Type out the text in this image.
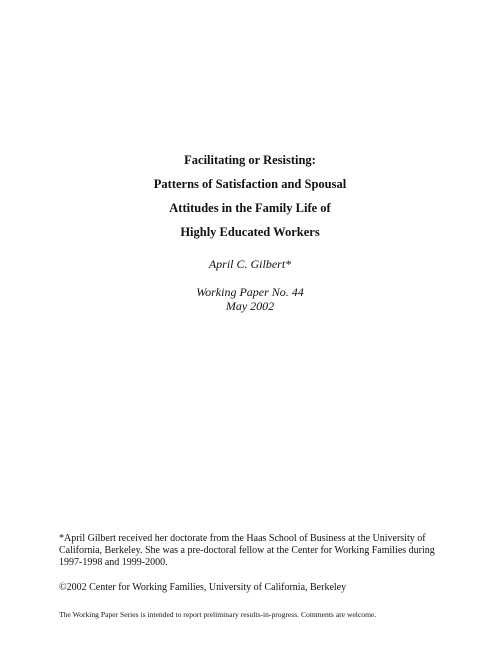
Facilitating or Resisting:
Patterns of Satisfaction and Spousal
Attitudes in the Family Life of
Highly Educated Workers
April C. Gilbert*
Working Paper No. 44
May 2002
*April Gilbert received her doctorate from the Haas School of Business at the University of
California, Berkeley. She was a pre-doctoral fellow at the Center for Working Families during
1997-1998 and 1999-2000.
©2002 Center for Working Families, University of California, Berkeley
The Working Paper Series is intended to report preliminary results-in-progress. Comments are welcome.
